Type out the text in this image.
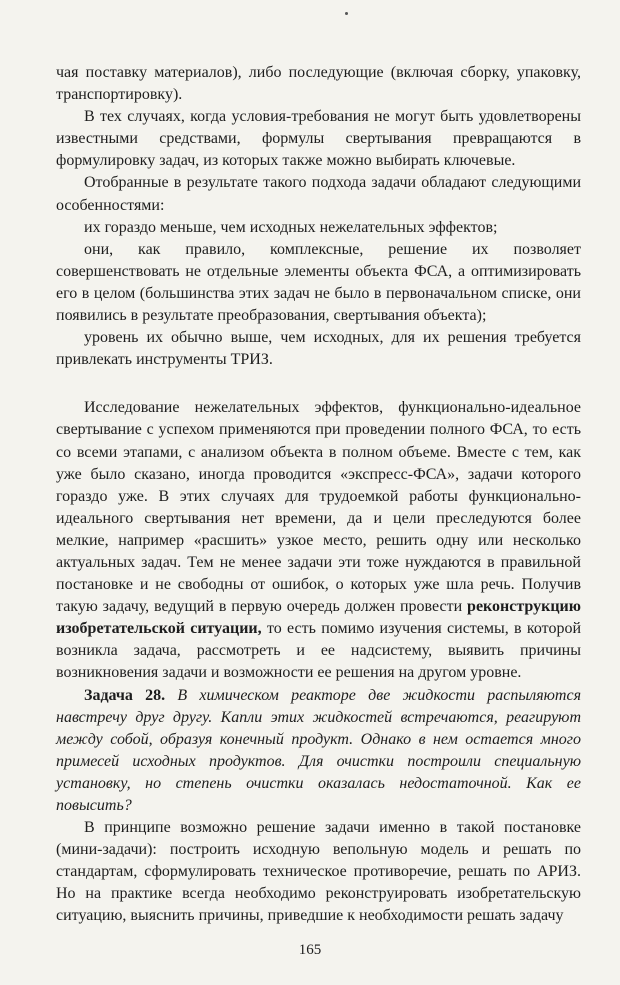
чая поставку материалов), либо последующие (включая сборку, упаковку, транспортировку).

В тех случаях, когда условия-требования не могут быть удовлетворены известными средствами, формулы свертывания превращаются в формулировку задач, из которых также можно выбирать ключевые.

Отобранные в результате такого подхода задачи обладают следующими особенностями:

их гораздо меньше, чем исходных нежелательных эффектов;

они, как правило, комплексные, решение их позволяет совершенствовать не отдельные элементы объекта ФСА, а оптимизировать его в целом (большинства этих задач не было в первоначальном списке, они появились в результате преобразования, свертывания объекта);

уровень их обычно выше, чем исходных, для их решения требуется привлекать инструменты ТРИЗ.

Исследование нежелательных эффектов, функционально-идеальное свертывание с успехом применяются при проведении полного ФСА, то есть со всеми этапами, с анализом объекта в полном объеме. Вместе с тем, как уже было сказано, иногда проводится «экспресс-ФСА», задачи которого гораздо уже. В этих случаях для трудоемкой работы функционально-идеального свертывания нет времени, да и цели преследуются более мелкие, например «расшить» узкое место, решить одну или несколько актуальных задач. Тем не менее задачи эти тоже нуждаются в правильной постановке и не свободны от ошибок, о которых уже шла речь. Получив такую задачу, ведущий в первую очередь должен провести реконструкцию изобретательской ситуации, то есть помимо изучения системы, в которой возникла задача, рассмотреть и ее надсистему, выявить причины возникновения задачи и возможности ее решения на другом уровне.

Задача 28. В химическом реакторе две жидкости распыляются навстречу друг другу. Капли этих жидкостей встречаются, реагируют между собой, образуя конечный продукт. Однако в нем остается много примесей исходных продуктов. Для очистки построили специальную установку, но степень очистки оказалась недостаточной. Как ее повысить?

В принципе возможно решение задачи именно в такой постановке (мини-задачи): построить исходную вепольную модель и решать по стандартам, сформулировать техническое противоречие, решать по АРИЗ. Но на практике всегда необходимо реконструировать изобретательскую ситуацию, выяснить причины, приведшие к необходимости решать задачу

165
